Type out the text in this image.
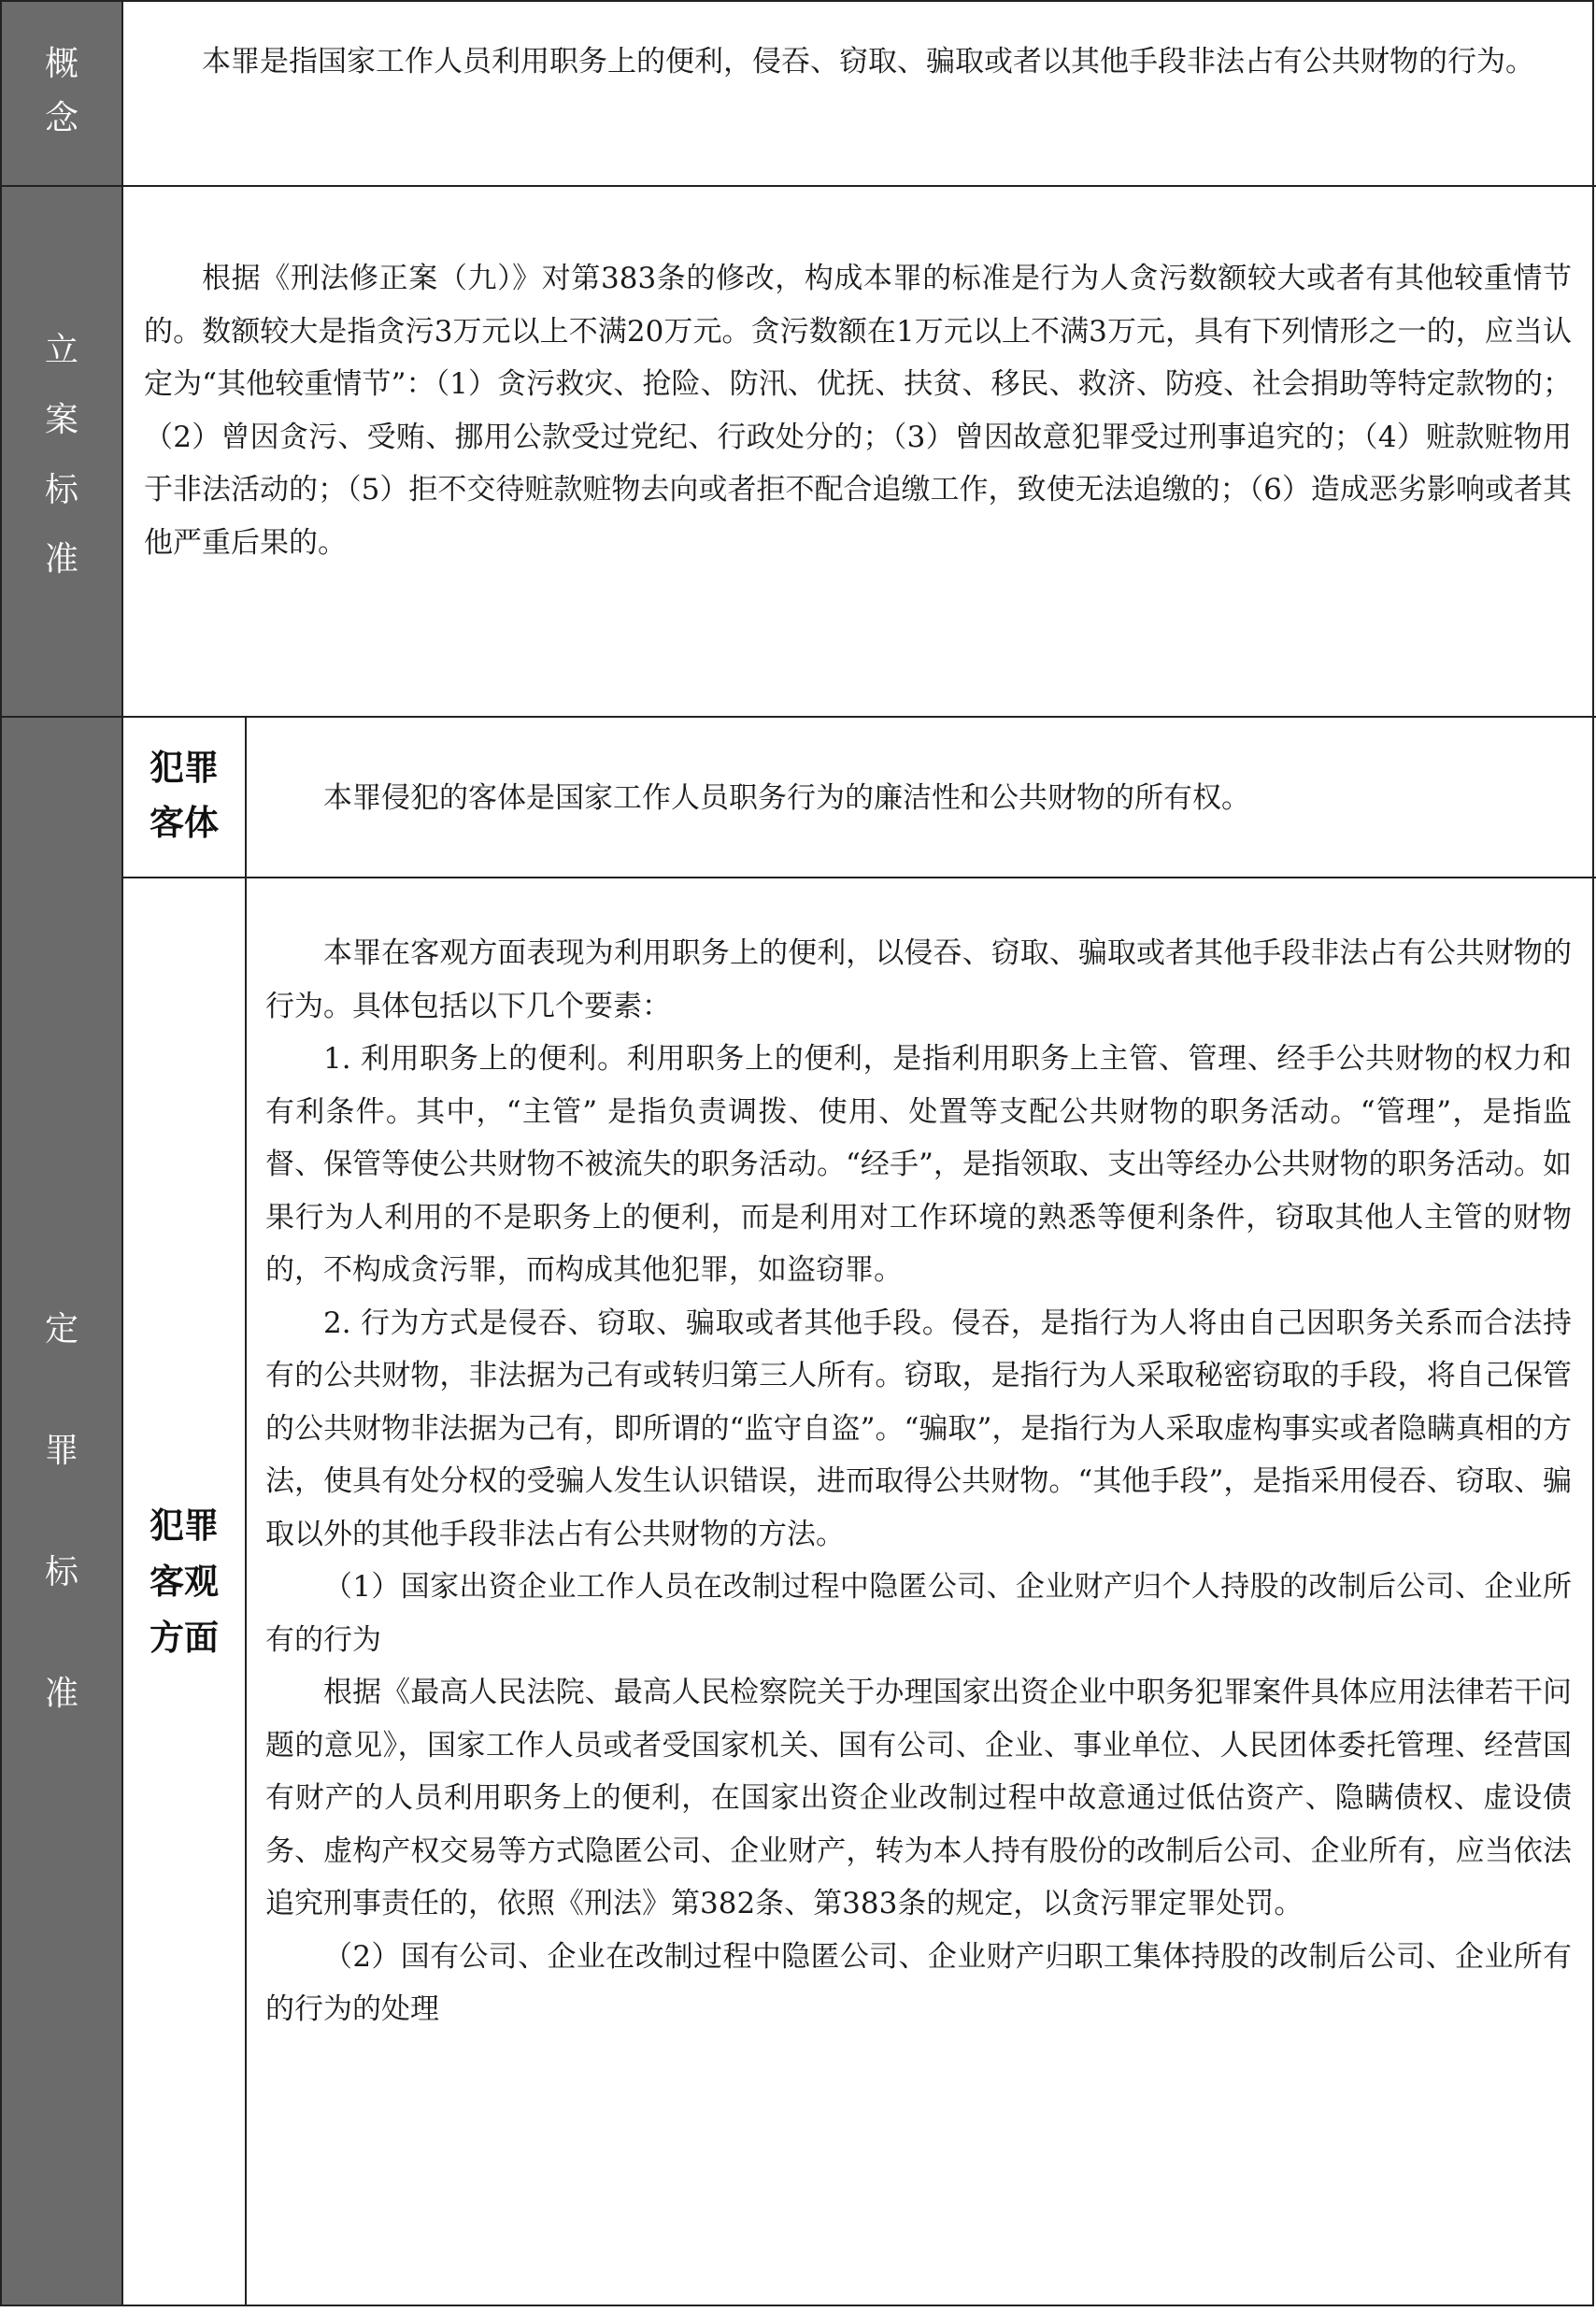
概
念
立
案
标
准
定
罪
标
准
犯罪
客体
犯罪
客观
方面

本罪是指国家工作人员利用职务上的便利，侵吞、窃取、骗取或者以其他手段非法占有公共财物的行为。

根据《刑法修正案（九）》对第383条的修改，构成本罪的标准是行为人贪污数额较大或者有其他较重情节的。数额较大是指贪污3万元以上不满20万元。贪污数额在1万元以上不满3万元，具有下列情形之一的，应当认定为“其他较重情节”：（1）贪污救灾、抢险、防汛、优抚、扶贫、移民、救济、防疫、社会捐助等特定款物的；（2）曾因贪污、受贿、挪用公款受过党纪、行政处分的；（3）曾因故意犯罪受过刑事追究的；（4）赃款赃物用于非法活动的；（5）拒不交待赃款赃物去向或者拒不配合追缴工作，致使无法追缴的；（6）造成恶劣影响或者其他严重后果的。

本罪侵犯的客体是国家工作人员职务行为的廉洁性和公共财物的所有权。

本罪在客观方面表现为利用职务上的便利，以侵吞、窃取、骗取或者其他手段非法占有公共财物的行为。具体包括以下几个要素：

1. 利用职务上的便利。利用职务上的便利，是指利用职务上主管、管理、经手公共财物的权力和有利条件。其中，“主管” 是指负责调拨、使用、处置等支配公共财物的职务活动。“管理”，是指监督、保管等使公共财物不被流失的职务活动。“经手”，是指领取、支出等经办公共财物的职务活动。如果行为人利用的不是职务上的便利，而是利用对工作环境的熟悉等便利条件，窃取其他人主管的财物的，不构成贪污罪，而构成其他犯罪，如盗窃罪。

2. 行为方式是侵吞、窃取、骗取或者其他手段。侵吞，是指行为人将由自己因职务关系而合法持有的公共财物，非法据为己有或转归第三人所有。窃取，是指行为人采取秘密窃取的手段，将自己保管的公共财物非法据为己有，即所谓的“监守自盗”。“骗取”，是指行为人采取虚构事实或者隐瞒真相的方法，使具有处分权的受骗人发生认识错误，进而取得公共财物。“其他手段”，是指采用侵吞、窃取、骗取以外的其他手段非法占有公共财物的方法。

（1）国家出资企业工作人员在改制过程中隐匿公司、企业财产归个人持股的改制后公司、企业所有的行为

根据《最高人民法院、最高人民检察院关于办理国家出资企业中职务犯罪案件具体应用法律若干问题的意见》，国家工作人员或者受国家机关、国有公司、企业、事业单位、人民团体委托管理、经营国有财产的人员利用职务上的便利，在国家出资企业改制过程中故意通过低估资产、隐瞒债权、虚设债务、虚构产权交易等方式隐匿公司、企业财产，转为本人持有股份的改制后公司、企业所有，应当依法追究刑事责任的，依照《刑法》第382条、第383条的规定，以贪污罪定罪处罚。

（2）国有公司、企业在改制过程中隐匿公司、企业财产归职工集体持股的改制后公司、企业所有的行为的处理
